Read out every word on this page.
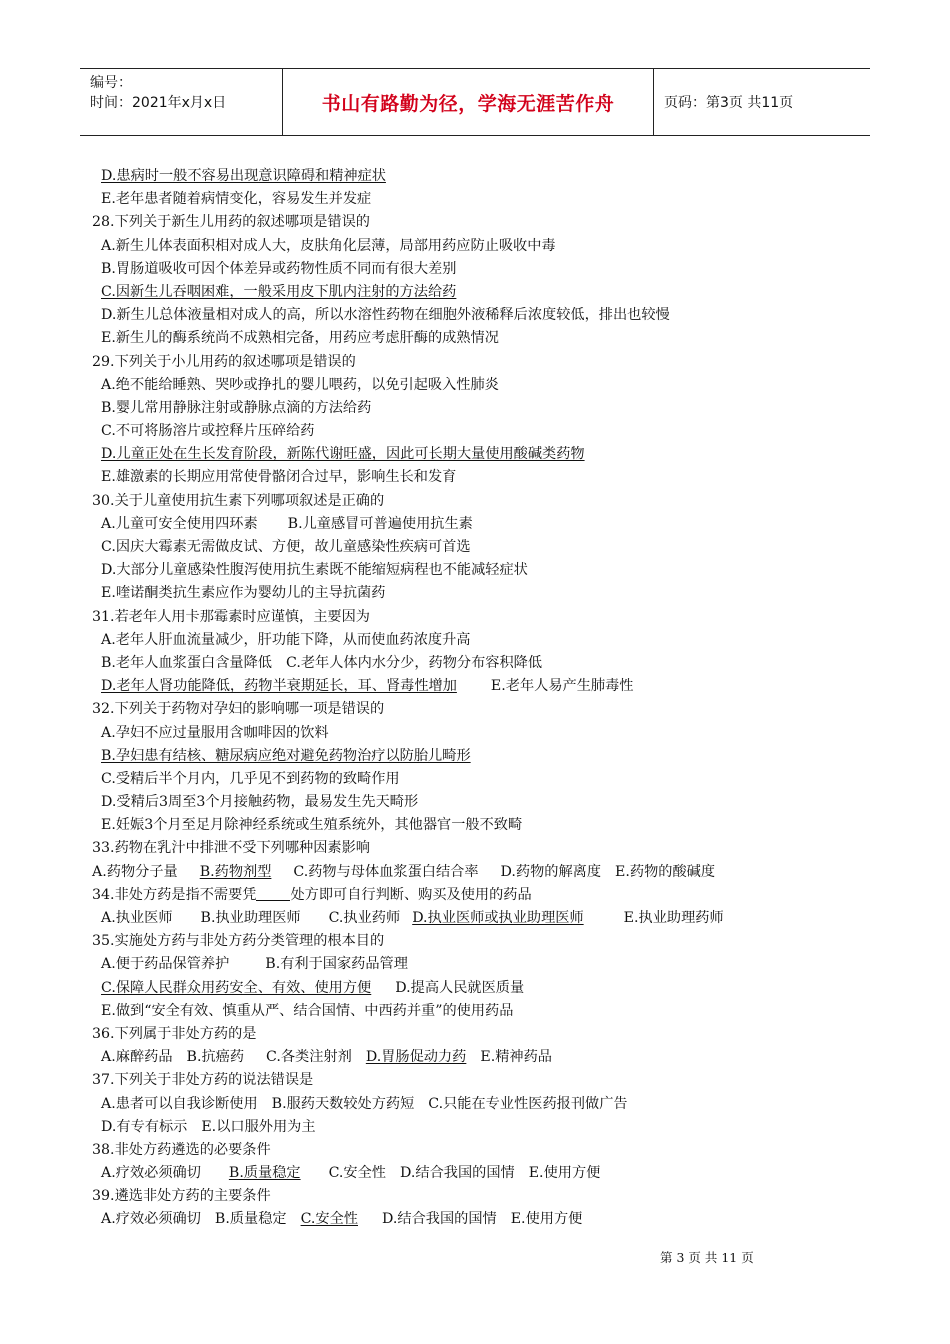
编号：
时间：2021年x月x日	书山有路勤为径，学海无涯苦作舟	页码：第3页 共11页
D.患病时一般不容易出现意识障碍和精神症状
E.老年患者随着病情变化，容易发生并发症
28.下列关于新生儿用药的叙述哪项是错误的
A.新生儿体表面积相对成人大，皮肤角化层薄，局部用药应防止吸收中毒
B.胃肠道吸收可因个体差异或药物性质不同而有很大差别
C.因新生儿吞咽困难，一般采用皮下肌内注射的方法给药
D.新生儿总体液量相对成人的高，所以水溶性药物在细胞外液稀释后浓度较低，排出也较慢
E.新生儿的酶系统尚不成熟相完备，用药应考虑肝酶的成熟情况
29.下列关于小儿用药的叙述哪项是错误的
A.绝不能给睡熟、哭吵或挣扎的婴儿喂药，以免引起吸入性肺炎
B.婴儿常用静脉注射或静脉点滴的方法给药
C.不可将肠溶片或控释片压碎给药
D.儿童正处在生长发育阶段，新陈代谢旺盛，因此可长期大量使用酸碱类药物
E.雄激素的长期应用常使骨骼闭合过早，影响生长和发育
30.关于儿童使用抗生素下列哪项叙述是正确的
A.儿童可安全使用四环素 B.儿童感冒可普遍使用抗生素
C.因庆大霉素无需做皮试、方便，故儿童感染性疾病可首选
D.大部分儿童感染性腹泻使用抗生素既不能缩短病程也不能减轻症状
E.喹诺酮类抗生素应作为婴幼儿的主导抗菌药
31.若老年人用卡那霉素时应谨慎，主要因为
A.老年人肝血流量减少，肝功能下降，从而使血药浓度升高
B.老年人血浆蛋白含量降低 C.老年人体内水分少，药物分布容积降低
D.老年人肾功能降低，药物半衰期延长，耳、肾毒性增加 E.老年人易产生肺毒性
32.下列关于药物对孕妇的影响哪一项是错误的
A.孕妇不应过量服用含咖啡因的饮料
B.孕妇患有结核、糖尿病应绝对避免药物治疗以防胎儿畸形
C.受精后半个月内，几乎见不到药物的致畸作用
D.受精后3周至3个月接触药物，最易发生先天畸形
E.妊娠3个月至足月除神经系统或生殖系统外，其他器官一般不致畸
33.药物在乳汁中排泄不受下列哪种因素影响
A.药物分子量 B.药物剂型 C.药物与母体血浆蛋白结合率 D.药物的解离度 E.药物的酸碱度
34.非处方药是指不需要凭 处方即可自行判断、购买及使用的药品
A.执业医师 B.执业助理医师 C.执业药师 D.执业医师或执业助理医师	E.执业助理药师
35.实施处方药与非处方药分类管理的根本目的
A.便于药品保管养护	B.有利于国家药品管理
C.保障人民群众用药安全、有效、使用方便 D.提高人民就医质量
E.做到“安全有效、慎重从严、结合国情、中西药并重”的使用药品
36.下列属于非处方药的是
A.麻醉药品 B.抗癌药 C.各类注射剂 D.胃肠促动力药 E.精神药品
37.下列关于非处方药的说法错误是
A.患者可以自我诊断使用 B.服药天数较处方药短 C.只能在专业性医药报刊做广告
D.有专有标示 E.以口服外用为主
38.非处方药遴选的必要条件
A.疗效必须确切 B.质量稳定 C.安全性 D.结合我国的国情 E.使用方便
39.遴选非处方药的主要条件
A.疗效必须确切 B.质量稳定 C.安全性 D.结合我国的国情 E.使用方便
第 3 页 共 11 页
